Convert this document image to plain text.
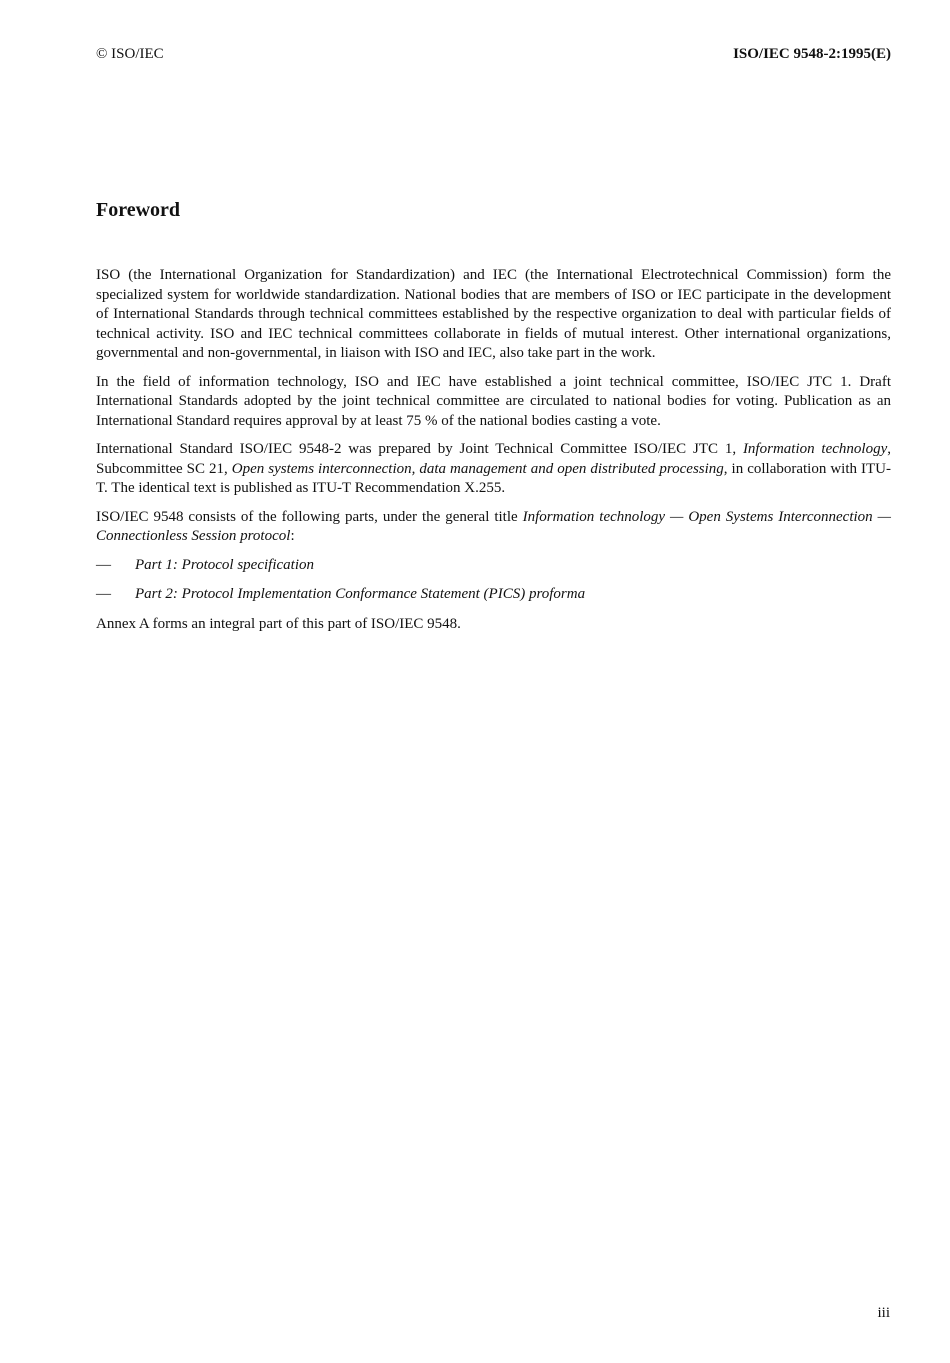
© ISO/IEC	ISO/IEC 9548-2:1995(E)
Foreword

ISO (the International Organization for Standardization) and IEC (the International Electrotechnical Commission) form the specialized system for worldwide standardization. National bodies that are members of ISO or IEC participate in the development of International Standards through technical committees established by the respective organization to deal with particular fields of technical activity. ISO and IEC technical committees collaborate in fields of mutual interest. Other international organizations, governmental and non-governmental, in liaison with ISO and IEC, also take part in the work.

In the field of information technology, ISO and IEC have established a joint technical committee, ISO/IEC JTC 1. Draft International Standards adopted by the joint technical committee are circulated to national bodies for voting. Publication as an International Standard requires approval by at least 75 % of the national bodies casting a vote.

International Standard ISO/IEC 9548-2 was prepared by Joint Technical Committee ISO/IEC JTC 1, Information technology, Subcommittee SC 21, Open systems interconnection, data management and open distributed processing, in collaboration with ITU-T. The identical text is published as ITU-T Recommendation X.255.

ISO/IEC 9548 consists of the following parts, under the general title Information technology — Open Systems Interconnection — Connectionless Session protocol:

—	Part 1: Protocol specification
—	Part 2: Protocol Implementation Conformance Statement (PICS) proforma

Annex A forms an integral part of this part of ISO/IEC 9548.

iii
